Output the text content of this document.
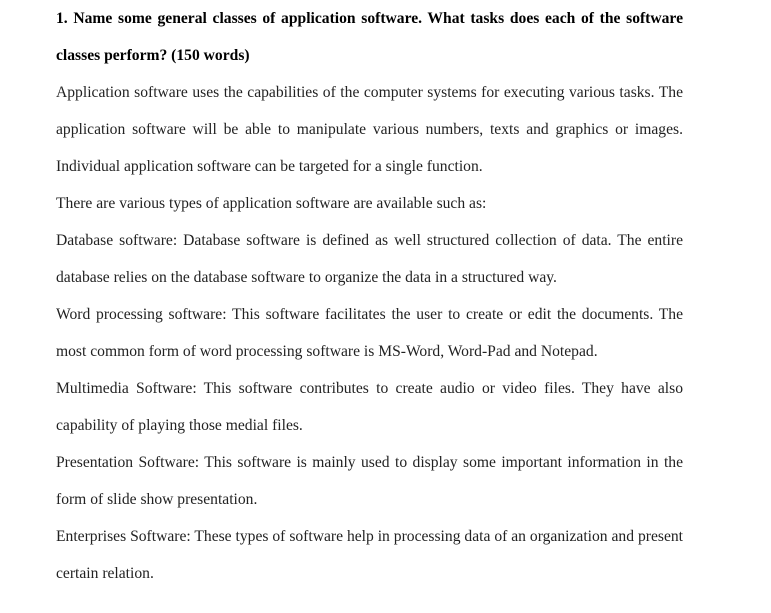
1. Name some general classes of application software. What tasks does each of the software classes perform? (150 words)

Application software uses the capabilities of the computer systems for executing various tasks. The application software will be able to manipulate various numbers, texts and graphics or images. Individual application software can be targeted for a single function.

There are various types of application software are available such as:

Database software: Database software is defined as well structured collection of data. The entire database relies on the database software to organize the data in a structured way.

Word processing software: This software facilitates the user to create or edit the documents. The most common form of word processing software is MS-Word, Word-Pad and Notepad.

Multimedia Software: This software contributes to create audio or video files. They have also capability of playing those medial files.

Presentation Software: This software is mainly used to display some important information in the form of slide show presentation.

Enterprises Software: These types of software help in processing data of an organization and present certain relation.
